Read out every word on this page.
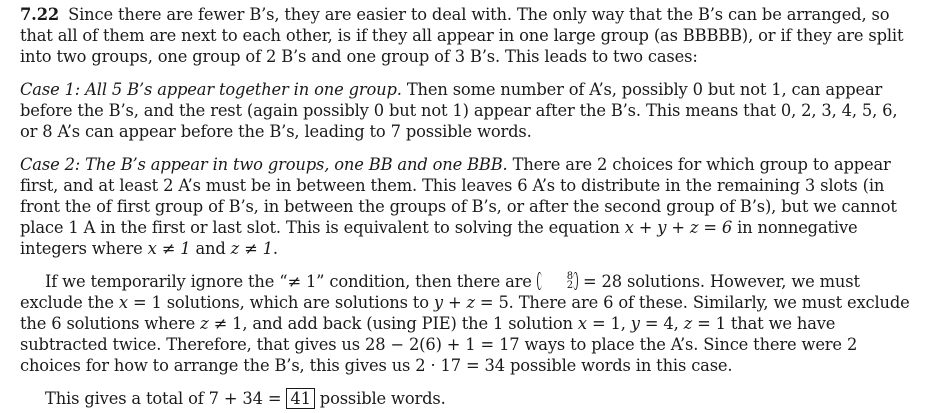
7.22 Since there are fewer B’s, they are easier to deal with. The only way that the B’s can be arranged, so that all of them are next to each other, is if they all appear in one large group (as BBBBB), or if they are split into two groups, one group of 2 B’s and one group of 3 B’s. This leads to two cases:

Case 1: All 5 B’s appear together in one group. Then some number of A’s, possibly 0 but not 1, can appear before the B’s, and the rest (again possibly 0 but not 1) appear after the B’s. This means that 0, 2, 3, 4, 5, 6, or 8 A’s can appear before the B’s, leading to 7 possible words.

Case 2: The B’s appear in two groups, one BB and one BBB. There are 2 choices for which group to appear first, and at least 2 A’s must be in between them. This leaves 6 A’s to distribute in the remaining 3 slots (in front the of first group of B’s, in between the groups of B’s, or after the second group of B’s), but we cannot place 1 A in the first or last slot. This is equivalent to solving the equation x + y + z = 6 in nonnegative integers where x ≠ 1 and z ≠ 1.

If we temporarily ignore the “≠ 1” condition, then there are	8
2 = 28 solutions. However, we must exclude the x = 1 solutions, which are solutions to y + z = 5. There are 6 of these. Similarly, we must exclude the 6 solutions where z ≠ 1, and add back (using PIE) the 1 solution x = 1, y = 4, z = 1 that we have subtracted twice. Therefore, that gives us 28 − 2(6) + 1 = 17 ways to place the A’s. Since there were 2 choices for how to arrange the B’s, this gives us 2 · 17 = 34 possible words in this case.

This gives a total of 7 + 34 = 41 possible words.
